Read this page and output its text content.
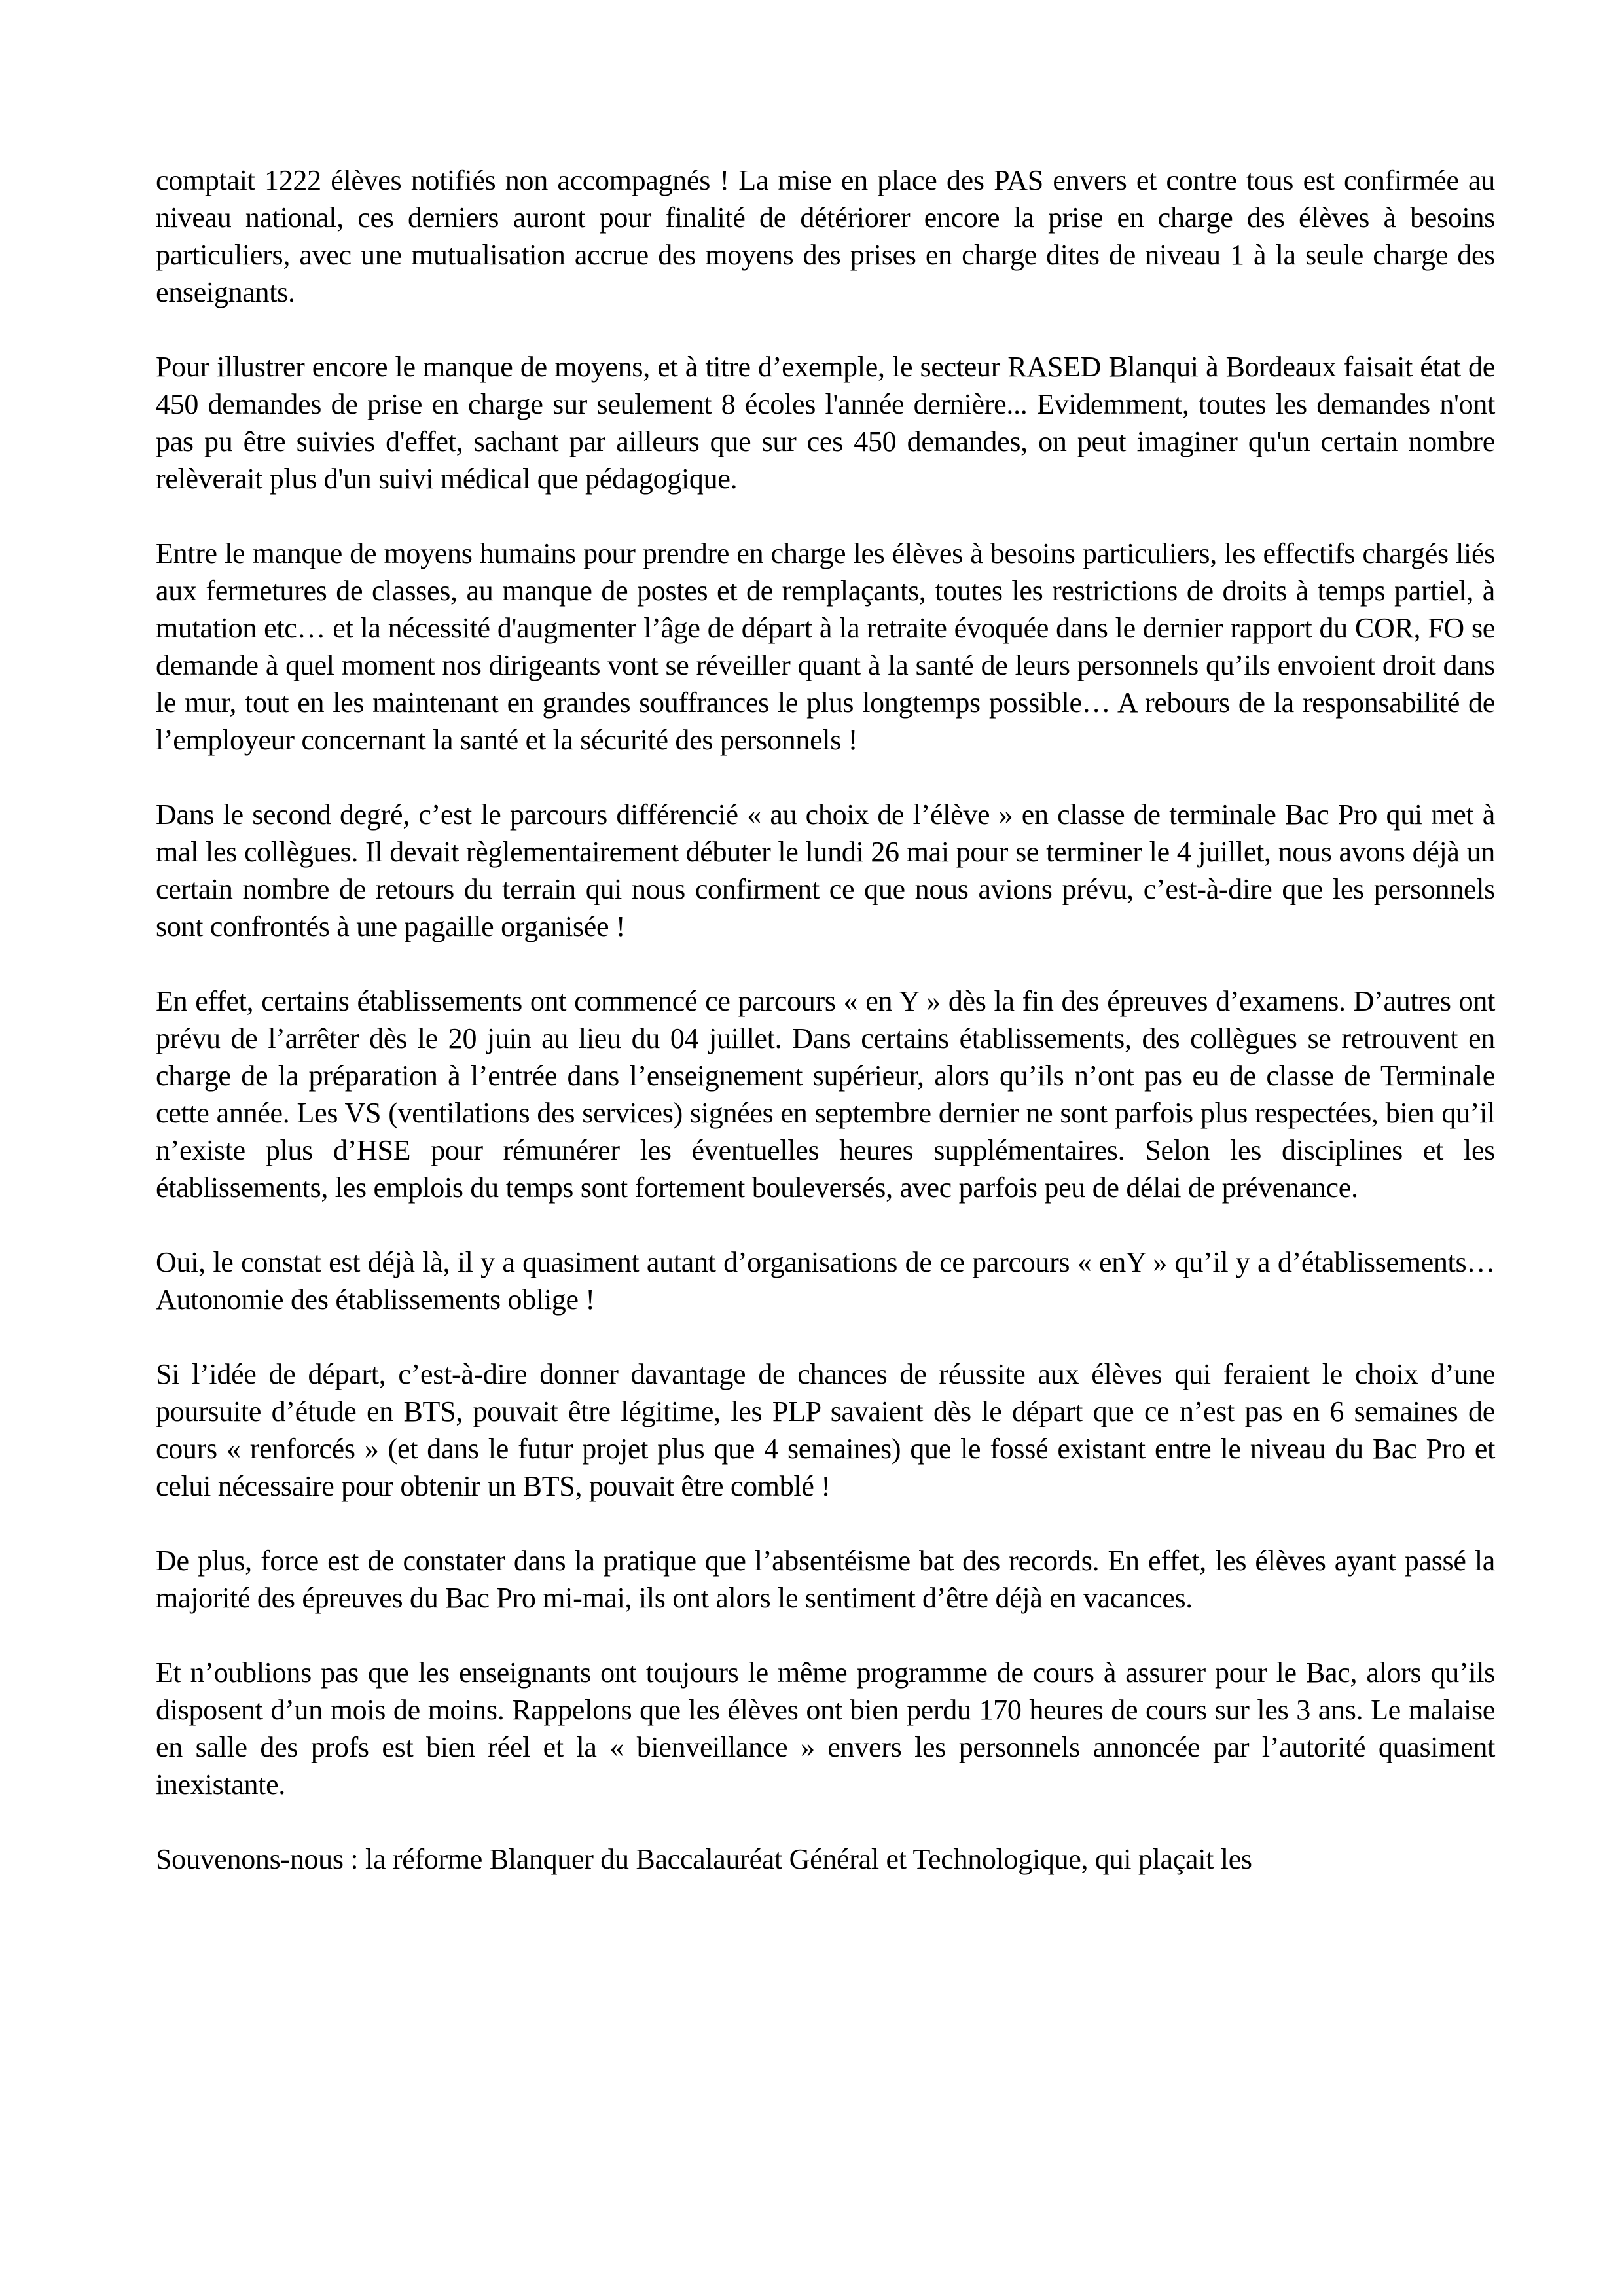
comptait 1222 élèves notifiés non accompagnés ! La mise en place des PAS envers et contre tous est confirmée au niveau national, ces derniers auront pour finalité de détériorer encore la prise en charge des élèves à besoins particuliers, avec une mutualisation accrue des moyens des prises en charge dites de niveau 1 à la seule charge des enseignants.

Pour illustrer encore le manque de moyens, et à titre d’exemple, le secteur RASED Blanqui à Bordeaux faisait état de 450 demandes de prise en charge sur seulement 8 écoles l'année dernière... Evidemment, toutes les demandes n'ont pas pu être suivies d'effet, sachant par ailleurs que sur ces 450 demandes, on peut imaginer qu'un certain nombre relèverait plus d'un suivi médical que pédagogique.

Entre le manque de moyens humains pour prendre en charge les élèves à besoins particuliers, les effectifs chargés liés aux fermetures de classes, au manque de postes et de remplaçants, toutes les restrictions de droits à temps partiel, à mutation etc… et la nécessité d'augmenter l’âge de départ à la retraite évoquée dans le dernier rapport du COR, FO se demande à quel moment nos dirigeants vont se réveiller quant à la santé de leurs personnels qu’ils envoient droit dans le mur, tout en les maintenant en grandes souffrances le plus longtemps possible… A rebours de la responsabilité de l’employeur concernant la santé et la sécurité des personnels !

Dans le second degré, c’est le parcours différencié « au choix de l’élève » en classe de terminale Bac Pro qui met à mal les collègues. Il devait règlementairement débuter le lundi 26 mai pour se terminer le 4 juillet, nous avons déjà un certain nombre de retours du terrain qui nous confirment ce que nous avions prévu, c’est-à-dire que les personnels sont confrontés à une pagaille organisée !

En effet, certains établissements ont commencé ce parcours « en Y » dès la fin des épreuves d’examens. D’autres ont prévu de l’arrêter dès le 20 juin au lieu du 04 juillet. Dans certains établissements, des collègues se retrouvent en charge de la préparation à l’entrée dans l’enseignement supérieur, alors qu’ils n’ont pas eu de classe de Terminale cette année. Les VS (ventilations des services) signées en septembre dernier ne sont parfois plus respectées, bien qu’il n’existe plus d’HSE pour rémunérer les éventuelles heures supplémentaires. Selon les disciplines et les établissements, les emplois du temps sont fortement bouleversés, avec parfois peu de délai de prévenance.

Oui, le constat est déjà là, il y a quasiment autant d’organisations de ce parcours « enY » qu’il y a d’établissements… Autonomie des établissements oblige !

Si l’idée de départ, c’est-à-dire donner davantage de chances de réussite aux élèves qui feraient le choix d’une poursuite d’étude en BTS, pouvait être légitime, les PLP savaient dès le départ que ce n’est pas en 6 semaines de cours « renforcés » (et dans le futur projet plus que 4 semaines) que le fossé existant entre le niveau du Bac Pro et celui nécessaire pour obtenir un BTS, pouvait être comblé !

De plus, force est de constater dans la pratique que l’absentéisme bat des records. En effet, les élèves ayant passé la majorité des épreuves du Bac Pro mi-mai, ils ont alors le sentiment d’être déjà en vacances.

Et n’oublions pas que les enseignants ont toujours le même programme de cours à assurer pour le Bac, alors qu’ils disposent d’un mois de moins. Rappelons que les élèves ont bien perdu 170 heures de cours sur les 3 ans. Le malaise en salle des profs est bien réel et la « bienveillance » envers les personnels annoncée par l’autorité quasiment inexistante.

Souvenons-nous : la réforme Blanquer du Baccalauréat Général et Technologique, qui plaçait les
